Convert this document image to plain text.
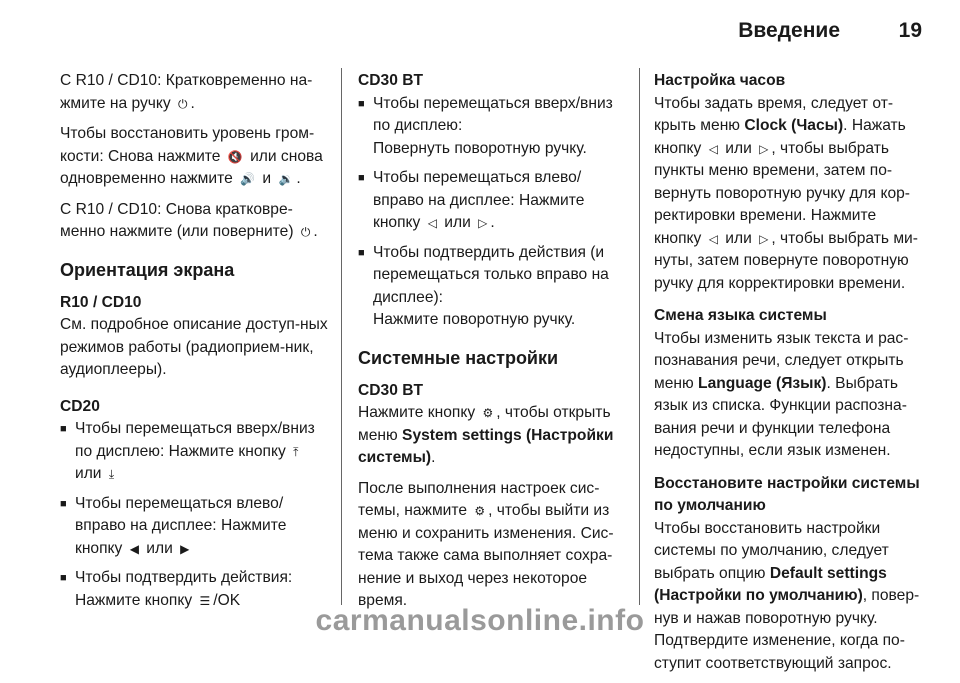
Введение	19

С R10 / CD10: Кратковременно на-жмите на ручку ⏻ .

Чтобы восстановить уровень гром-кости: Снова нажмите 🔇 или снова одновременно нажмите 🔊 и 🔉 .

С R10 / CD10: Снова кратковре-менно нажмите (или поверните) ⏻ .

Ориентация экрана
R10 / CD10

См. подробное описание доступ-ных режимов работы (радиоприем-ник, аудиоплееры).

CD20
■ Чтобы перемещаться вверх/вниз по дисплею: Нажмите кнопку ⤒ или ⤓
■ Чтобы перемещаться влево/ вправо на дисплее: Нажмите кнопку ◀ или ▶
■ Чтобы подтвердить действия: Нажмите кнопку ☰ /OK
CD30 BT
■ Чтобы перемещаться вверх/вниз по дисплею:
Повернуть поворотную ручку.
■ Чтобы перемещаться влево/ вправо на дисплее: Нажмите кнопку ◁ или ▷ .
■ Чтобы подтвердить действия (и перемещаться только вправо на дисплее):
Нажмите поворотную ручку.
Системные настройки
CD30 BT

Нажмите кнопку ⚙ , чтобы открыть меню System settings (Настройки системы).

После выполнения настроек сис-темы, нажмите ⚙ , чтобы выйти из меню и сохранить изменения. Сис-тема также сама выполняет сохра-нение и выход через некоторое время.

Настройка часов

Чтобы задать время, следует от-крыть меню Clock (Часы). Нажать кнопку ◁ или ▷ , чтобы выбрать пункты меню времени, затем по-вернуть поворотную ручку для кор-ректировки времени. Нажмите кнопку ◁ или ▷ , чтобы выбрать ми-нуты, затем повернуте поворотную ручку для корректировки времени.

Смена языка системы

Чтобы изменить язык текста и рас-познавания речи, следует открыть меню Language (Язык). Выбрать язык из списка. Функции распозна-вания речи и функции телефона недоступны, если язык изменен.

Восстановите настройки системы по умолчанию

Чтобы восстановить настройки системы по умолчанию, следует выбрать опцию Default settings (Настройки по умолчанию), повер-нув и нажав поворотную ручку. Подтвердите изменение, когда по-ступит соответствующий запрос.

carmanualsonline.info
